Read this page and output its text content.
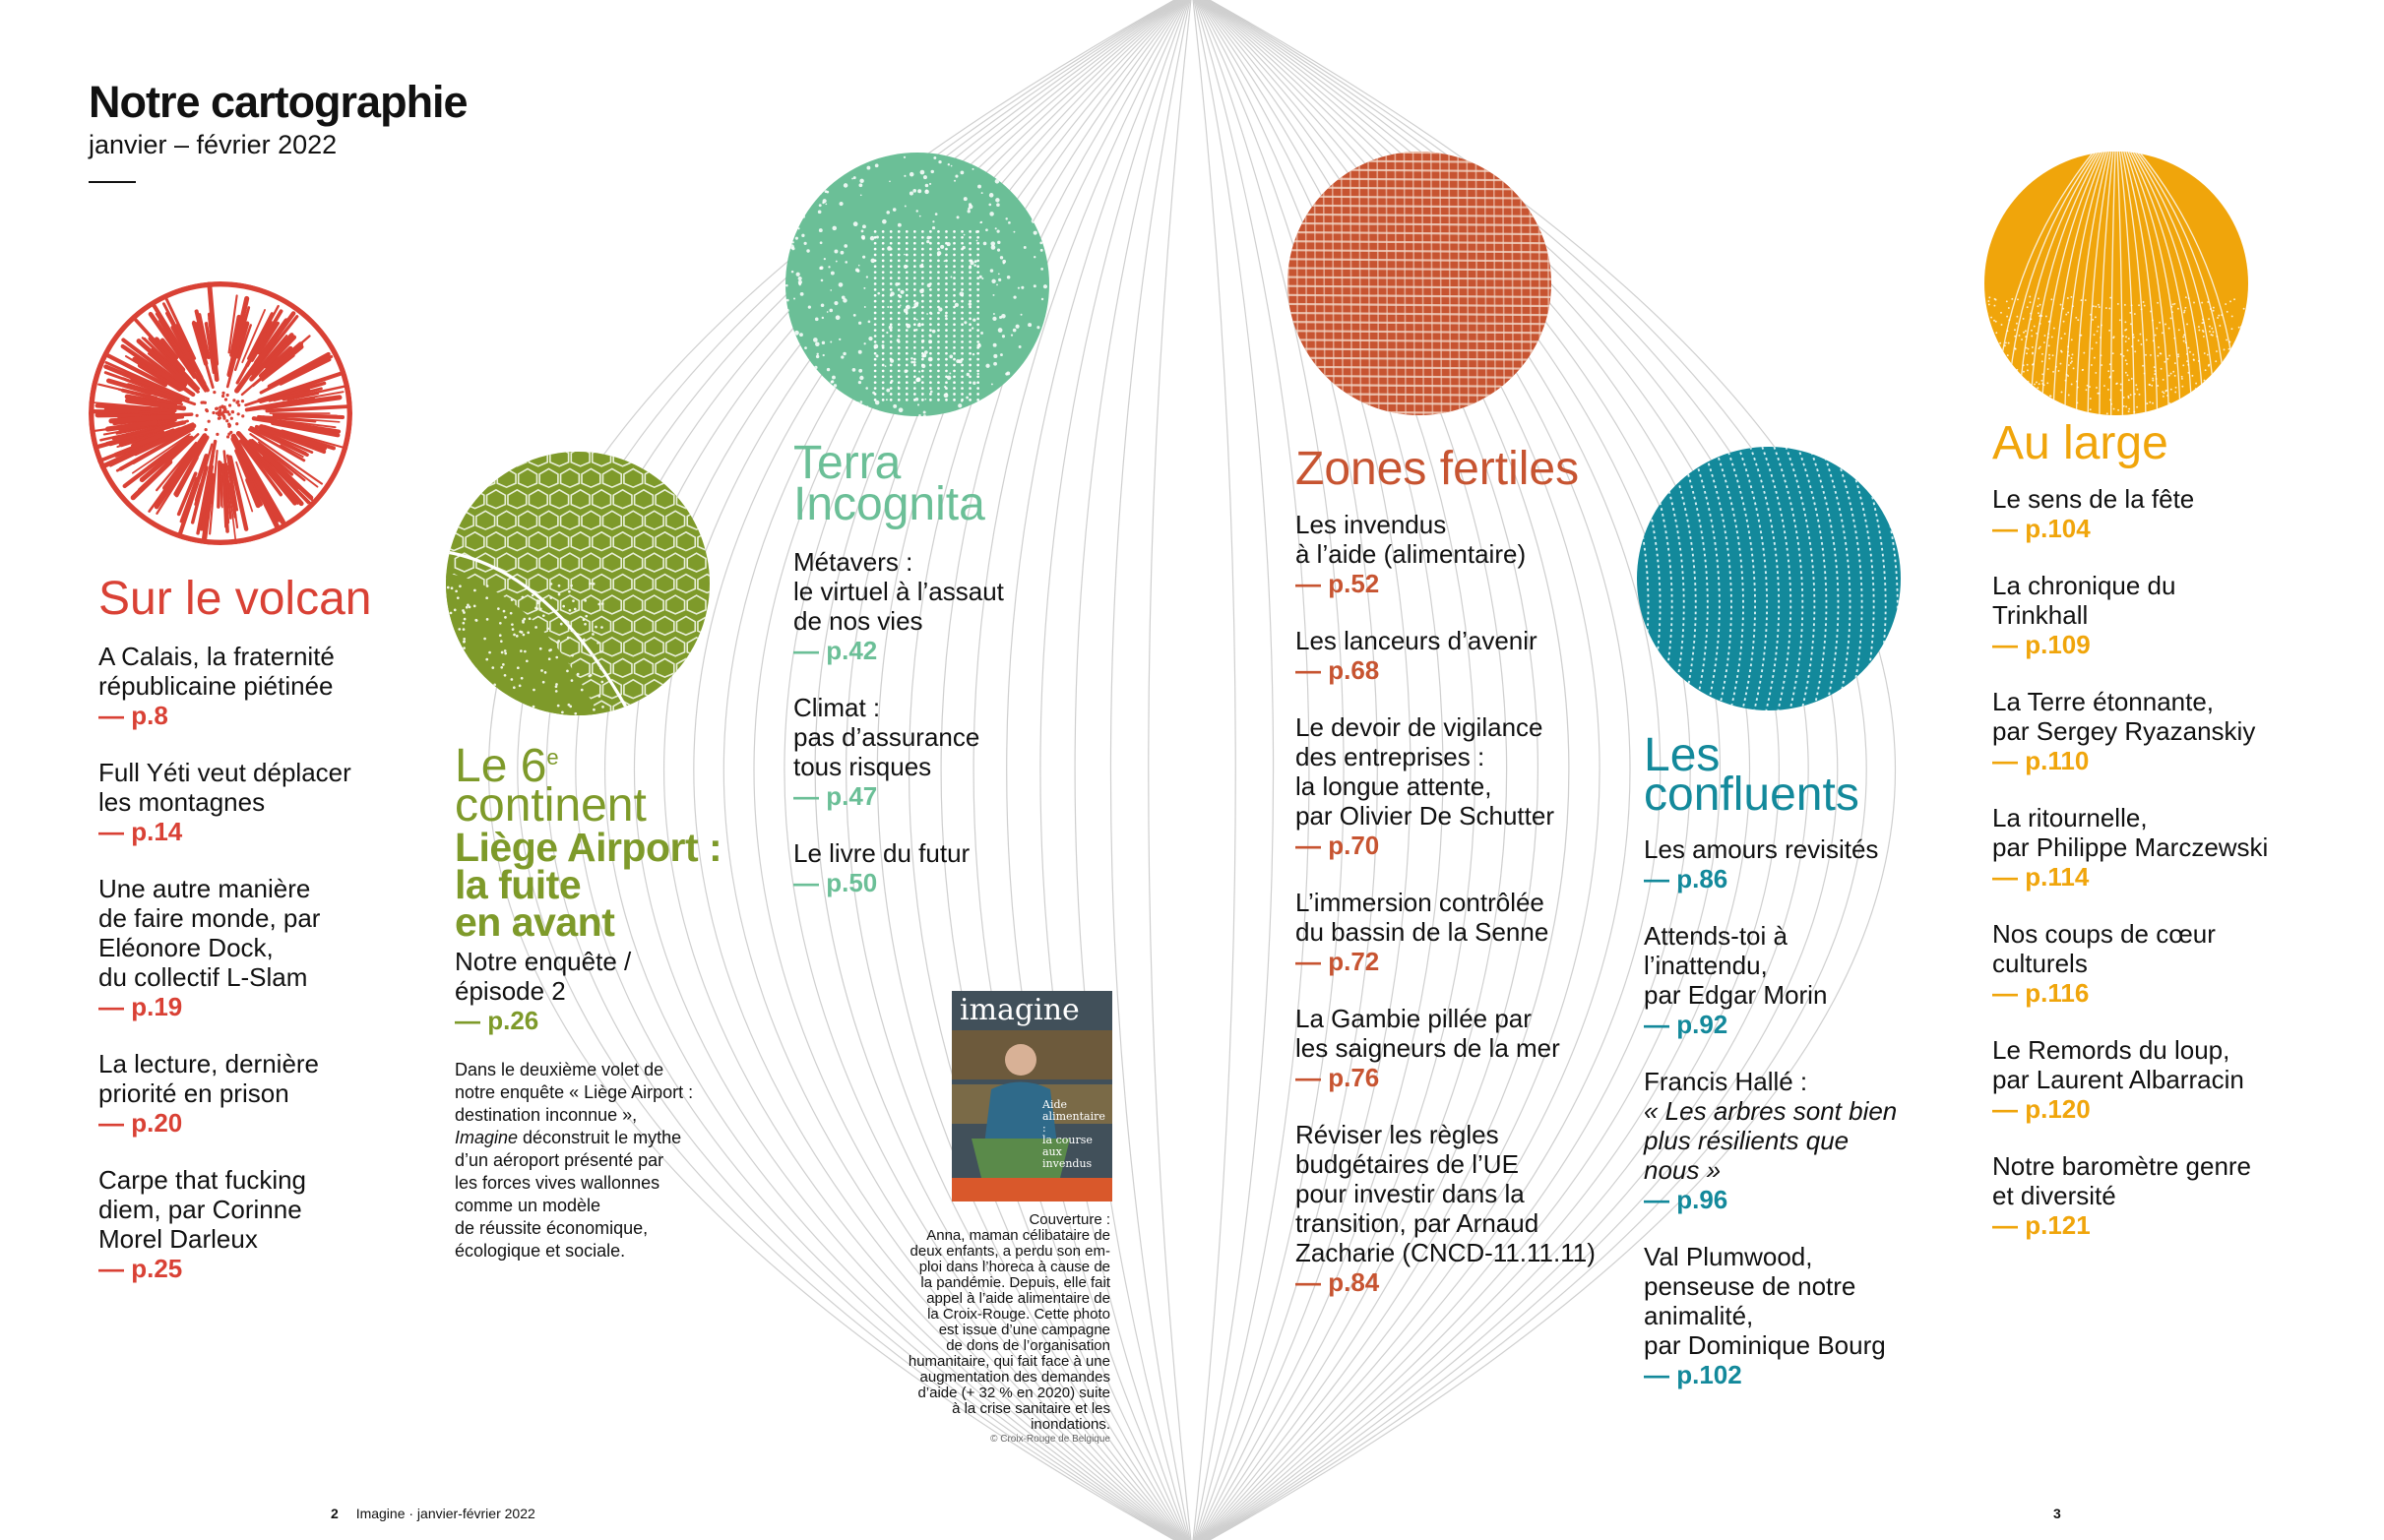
Notre cartographie
janvier – février 2022
Sur le volcan
A Calais, la fraternité
républicaine piétinée
— p.8
Full Yéti veut déplacer
les montagnes
— p.14
Une autre manière
de faire monde, par
Eléonore Dock,
du collectif L-Slam
— p.19
La lecture, dernière
priorité en prison
— p.20
Carpe that fucking
diem, par Corinne
Morel Darleux
— p.25
Le 6e
continent
Liège Airport :
la fuite
en avant
Notre enquête /
épisode 2
— p.26
Dans le deuxième volet de
notre enquête « Liège Airport :
destination inconnue »,
Imagine déconstruit le mythe
d’un aéroport présenté par
les forces vives wallonnes
comme un modèle
de réussite économique,
écologique et sociale.
Terra
Incognita
Métavers :
le virtuel à l’assaut
de nos vies
— p.42
Climat :
pas d’assurance
tous risques
— p.47
Le livre du futur
— p.50
imagine
Aide
alimentaire :
la course
aux invendus
Couverture :
Anna, maman célibataire de
deux enfants, a perdu son em-
ploi dans l’horeca à cause de
la pandémie. Depuis, elle fait
appel à l’aide alimentaire de
la Croix-Rouge. Cette photo
est issue d’une campagne
de dons de l’organisation
humanitaire, qui fait face à une
augmentation des demandes
d’aide (+ 32 % en 2020) suite
à la crise sanitaire et les
inondations.
© Croix-Rouge de Belgique
Zones fertiles
Les invendus
à l’aide (alimentaire)
— p.52
Les lanceurs d’avenir
— p.68
Le devoir de vigilance
des entreprises :
la longue attente,
par Olivier De Schutter
— p.70
L’immersion contrôlée
du bassin de la Senne
— p.72
La Gambie pillée par
les saigneurs de la mer
— p.76
Réviser les règles
budgétaires de l’UE
pour investir dans la
transition, par Arnaud
Zacharie (CNCD-11.11.11)
— p.84
Les
confluents
Les amours revisités
— p.86
Attends-toi à
l’inattendu,
par Edgar Morin
— p.92
Francis Hallé :
« Les arbres sont bien
plus résilients que
nous »
— p.96
Val Plumwood,
penseuse de notre
animalité,
par Dominique Bourg
— p.102
Au large
Le sens de la fête
— p.104
La chronique du
Trinkhall
— p.109
La Terre étonnante,
par Sergey Ryazanskiy
— p.110
La ritournelle,
par Philippe Marczewski
— p.114
Nos coups de cœur
culturels
— p.116
Le Remords du loup,
par Laurent Albarracin
— p.120
Notre baromètre genre
et diversité
— p.121
2 Imagine · janvier-février 2022	3
